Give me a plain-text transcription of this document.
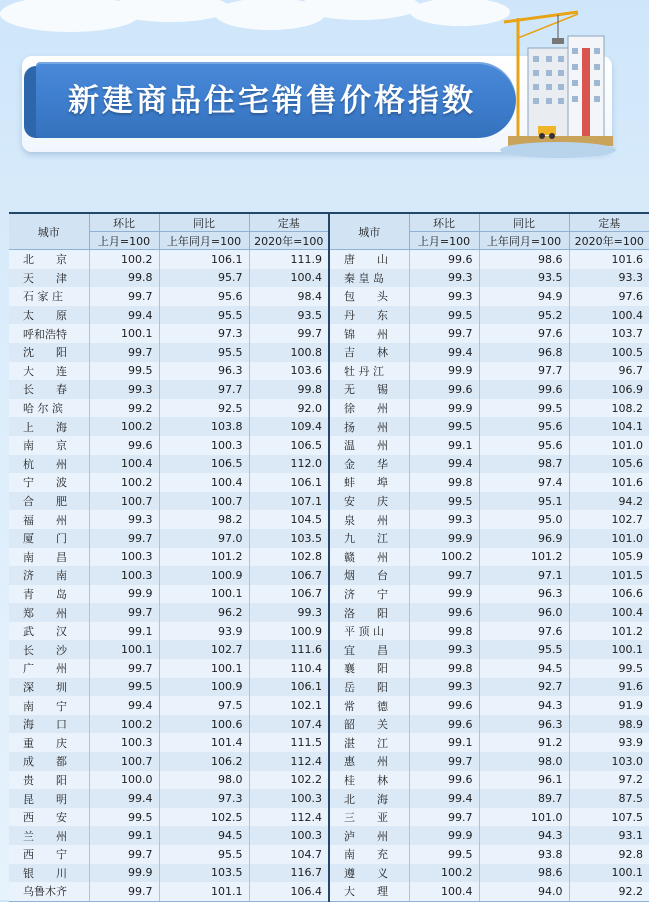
新建商品住宅销售价格指数
城市	环比	同比	定基	城市	环比	同比	定基
	上月=100	上年同月=100	2020年=100		上月=100	上年同月=100	2020年=100
北　　京	100.2	106.1	111.9	唐　　山	99.6	98.6	101.6
天　　津	99.8	95.7	100.4	秦 皇 岛	99.3	93.5	93.3
石 家 庄	99.7	95.6	98.4	包　　头	99.3	94.9	97.6
太　　原	99.4	95.5	93.5	丹　　东	99.5	95.2	100.4
呼和浩特	100.1	97.3	99.7	锦　　州	99.7	97.6	103.7
沈　　阳	99.7	95.5	100.8	吉　　林	99.4	96.8	100.5
大　　连	99.5	96.3	103.6	牡 丹 江	99.9	97.7	96.7
长　　春	99.3	97.7	99.8	无　　锡	99.6	99.6	106.9
哈 尔 滨	99.2	92.5	92.0	徐　　州	99.9	99.5	108.2
上　　海	100.2	103.8	109.4	扬　　州	99.5	95.6	104.1
南　　京	99.6	100.3	106.5	温　　州	99.1	95.6	101.0
杭　　州	100.4	106.5	112.0	金　　华	99.4	98.7	105.6
宁　　波	100.2	100.4	106.1	蚌　　埠	99.8	97.4	101.6
合　　肥	100.7	100.7	107.1	安　　庆	99.5	95.1	94.2
福　　州	99.3	98.2	104.5	泉　　州	99.3	95.0	102.7
厦　　门	99.7	97.0	103.5	九　　江	99.9	96.9	101.0
南　　昌	100.3	101.2	102.8	赣　　州	100.2	101.2	105.9
济　　南	100.3	100.9	106.7	烟　　台	99.7	97.1	101.5
青　　岛	99.9	100.1	106.7	济　　宁	99.9	96.3	106.6
郑　　州	99.7	96.2	99.3	洛　　阳	99.6	96.0	100.4
武　　汉	99.1	93.9	100.9	平 顶 山	99.8	97.6	101.2
长　　沙	100.1	102.7	111.6	宜　　昌	99.3	95.5	100.1
广　　州	99.7	100.1	110.4	襄　　阳	99.8	94.5	99.5
深　　圳	99.5	100.9	106.1	岳　　阳	99.3	92.7	91.6
南　　宁	99.4	97.5	102.1	常　　德	99.6	94.3	91.9
海　　口	100.2	100.6	107.4	韶　　关	99.6	96.3	98.9
重　　庆	100.3	101.4	111.5	湛　　江	99.1	91.2	93.9
成　　都	100.7	106.2	112.4	惠　　州	99.7	98.0	103.0
贵　　阳	100.0	98.0	102.2	桂　　林	99.6	96.1	97.2
昆　　明	99.4	97.3	100.3	北　　海	99.4	89.7	87.5
西　　安	99.5	102.5	112.4	三　　亚	99.7	101.0	107.5
兰　　州	99.1	94.5	100.3	泸　　州	99.9	94.3	93.1
西　　宁	99.7	95.5	104.7	南　　充	99.5	93.8	92.8
银　　川	99.9	103.5	116.7	遵　　义	100.2	98.6	100.1
乌鲁木齐	99.7	101.1	106.4	大　　理	100.4	94.0	92.2
